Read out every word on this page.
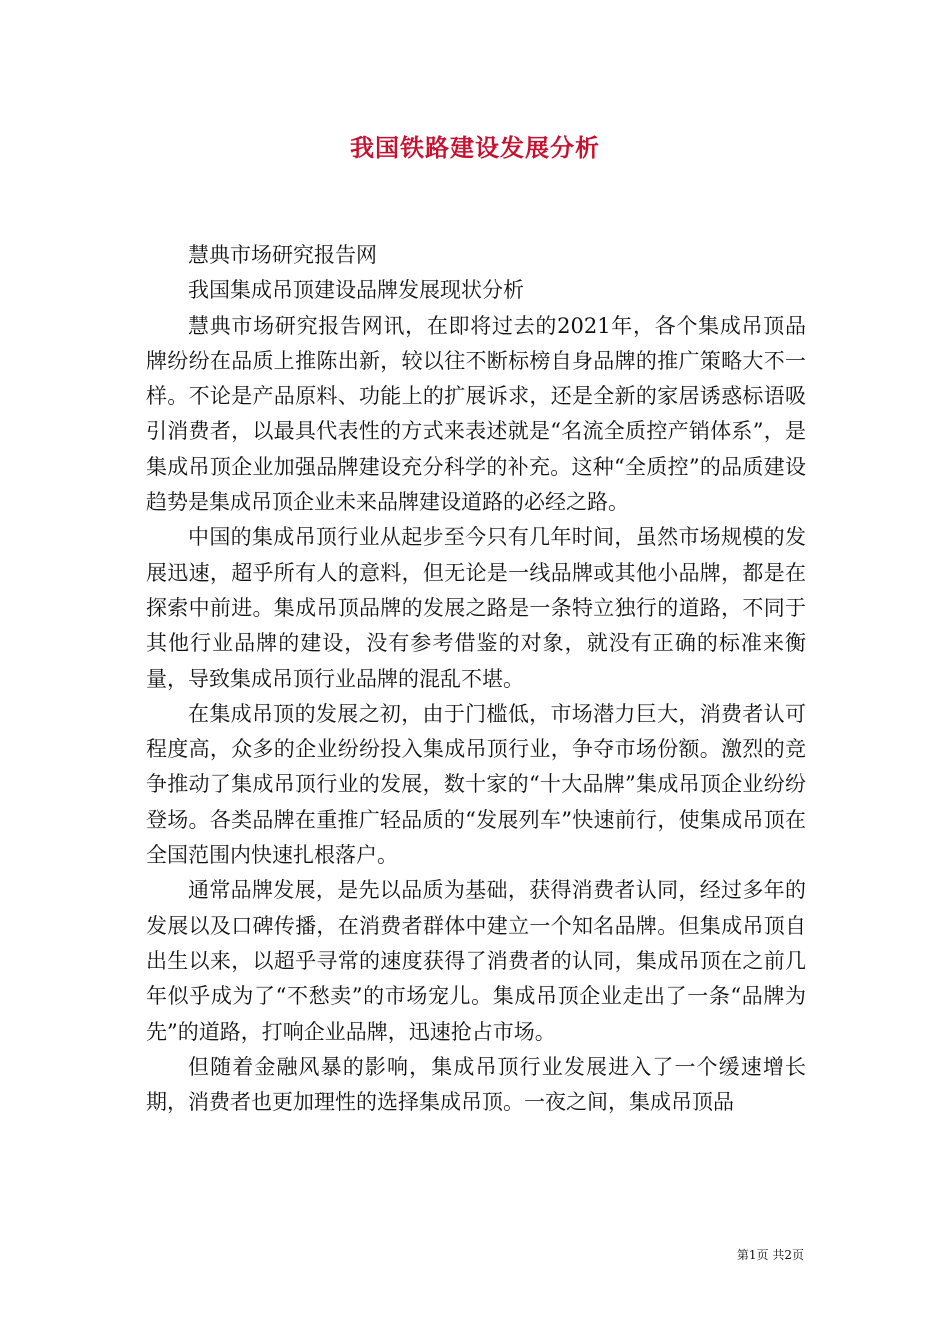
我国铁路建设发展分析

慧典市场研究报告网

我国集成吊顶建设品牌发展现状分析

慧典市场研究报告网讯，在即将过去的2021年，各个集成吊顶品牌纷纷在品质上推陈出新，较以往不断标榜自身品牌的推广策略大不一样。不论是产品原料、功能上的扩展诉求，还是全新的家居诱惑标语吸引消费者，以最具代表性的方式来表述就是“名流全质控产销体系”，是集成吊顶企业加强品牌建设充分科学的补充。这种“全质控”的品质建设趋势是集成吊顶企业未来品牌建设道路的必经之路。

中国的集成吊顶行业从起步至今只有几年时间，虽然市场规模的发展迅速，超乎所有人的意料，但无论是一线品牌或其他小品牌，都是在探索中前进。集成吊顶品牌的发展之路是一条特立独行的道路，不同于其他行业品牌的建设，没有参考借鉴的对象，就没有正确的标准来衡量，导致集成吊顶行业品牌的混乱不堪。

在集成吊顶的发展之初，由于门槛低，市场潜力巨大，消费者认可程度高，众多的企业纷纷投入集成吊顶行业，争夺市场份额。激烈的竞争推动了集成吊顶行业的发展，数十家的“十大品牌”集成吊顶企业纷纷登场。各类品牌在重推广轻品质的“发展列车”快速前行，使集成吊顶在全国范围内快速扎根落户。

通常品牌发展，是先以品质为基础，获得消费者认同，经过多年的发展以及口碑传播，在消费者群体中建立一个知名品牌。但集成吊顶自出生以来，以超乎寻常的速度获得了消费者的认同，集成吊顶在之前几年似乎成为了“不愁卖”的市场宠儿。集成吊顶企业走出了一条“品牌为先”的道路，打响企业品牌，迅速抢占市场。

但随着金融风暴的影响，集成吊顶行业发展进入了一个缓速增长期，消费者也更加理性的选择集成吊顶。一夜之间，集成吊顶品

第1页 共2页
